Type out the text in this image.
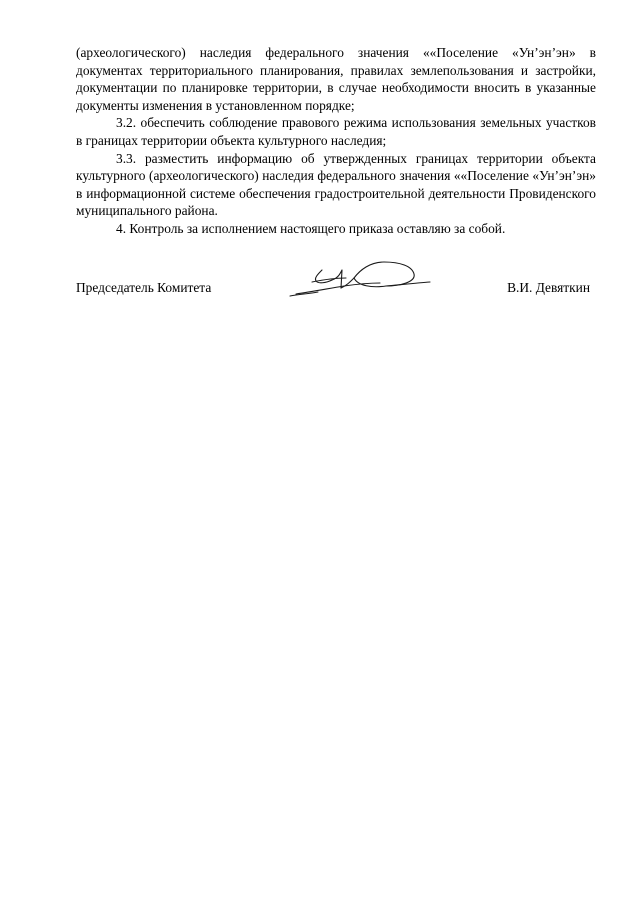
(археологического) наследия федерального значения ««Поселение «Ун’эн’эн» в документах территориального планирования, правилах землепользования и застройки, документации по планировке территории, в случае необходимости вносить в указанные документы изменения в установленном порядке;

3.2. обеспечить соблюдение правового режима использования земельных участков в границах территории объекта культурного наследия;

3.3. разместить информацию об утвержденных границах территории объекта культурного (археологического) наследия федерального значения ««Поселение «Ун’эн’эн» в информационной системе обеспечения градостроительной деятельности Провиденского муниципального района.

4. Контроль за исполнением настоящего приказа оставляю за собой.

Председатель Комитета	В.И. Девяткин
